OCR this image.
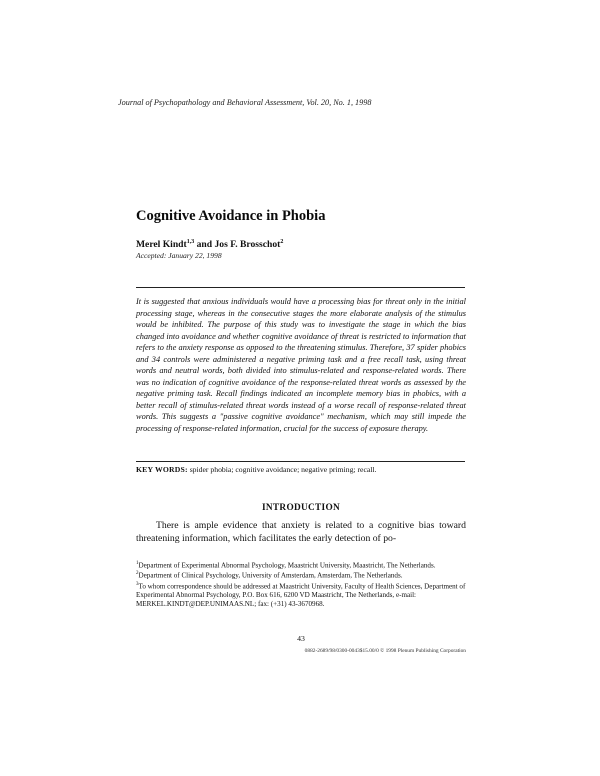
Journal of Psychopathology and Behavioral Assessment, Vol. 20, No. 1, 1998
Cognitive Avoidance in Phobia
Merel Kindt$^{1,3}$ and Jos F. Brosschot$^2$
Accepted: January 22, 1998
It is suggested that anxious individuals would have a processing bias for threat only in the initial processing stage, whereas in the consecutive stages the more elaborate analysis of the stimulus would be inhibited. The purpose of this study was to investigate the stage in which the bias changed into avoidance and whether cognitive avoidance of threat is restricted to information that refers to the anxiety response as opposed to the threatening stimulus. Therefore, 37 spider phobics and 34 controls were administered a negative priming task and a free recall task, using threat words and neutral words, both divided into stimulus-related and response-related words. There was no indication of cognitive avoidance of the response-related threat words as assessed by the negative priming task. Recall findings indicated an incomplete memory bias in phobics, with a better recall of stimulus-related threat words instead of a worse recall of response-related threat words. This suggests a "passive cognitive avoidance" mechanism, which may still impede the processing of response-related information, crucial for the success of exposure therapy.
KEY WORDS: spider phobia; cognitive avoidance; negative priming; recall.
INTRODUCTION
There is ample evidence that anxiety is related to a cognitive bias toward threatening information, which facilitates the early detection of po-
$^1$Department of Experimental Abnormal Psychology, Maastricht University, Maastricht, The Netherlands.
$^2$Department of Clinical Psychology, University of Amsterdam, Amsterdam, The Netherlands.
$^3$To whom correspondence should be addressed at Maastricht University, Faculty of Health Sciences, Department of Experimental Abnormal Psychology, P.O. Box 616, 6200 VD Maastricht, The Netherlands, e-mail: MERKEL.KINDT@DEP.UNIMAAS.NL; fax: (+31) 43-3670968.
43
0882-2689/98/0300-0043$15.00/0 © 1998 Plenum Publishing Corporation
